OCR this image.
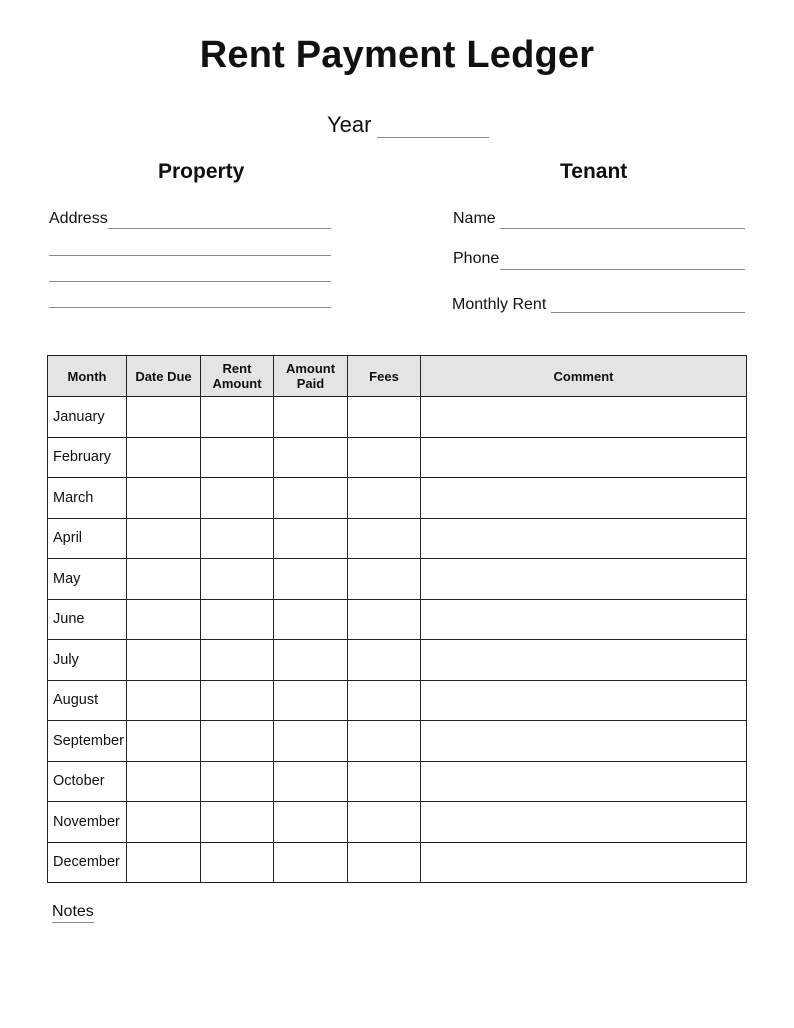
Rent Payment Ledger
Year
Property	Tenant
Address	Name
Phone
Monthly Rent
Month	Date Due	Rent Amount	Amount Paid	Fees	Comment
January					
February					
March					
April					
May					
June					
July					
August					
September					
October					
November					
December					
Notes
